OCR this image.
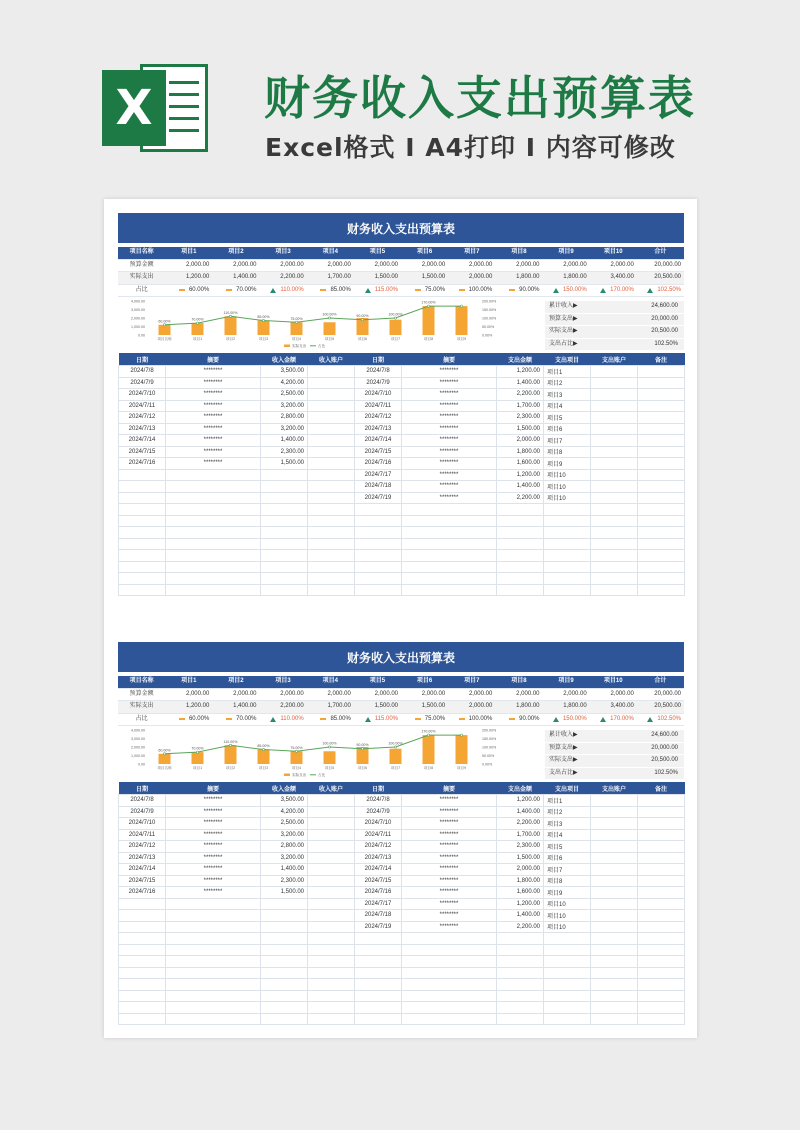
X 财务收入支出预算表
Excel格式 I A4打印 I 内容可修改
财务收入支出预算表
项目名称	项目1	项目2	项目3	项目4	项目5	项目6	项目7	项目8	项目9	项目10	合计
预算金额	2,000.00	2,000.00	2,000.00	2,000.00	2,000.00	2,000.00	2,000.00	2,000.00	2,000.00	2,000.00	20,000.00
实际支出	1,200.00	1,400.00	2,200.00	1,700.00	1,500.00	1,500.00	2,000.00	1,800.00	1,800.00	3,400.00	20,500.00
占比	60.00%	70.00%	110.00%	85.00%	115.00%	75.00%	100.00%	90.00%	150.00%	170.00%	102.50%
4,000.00
3,000.00
2,000.00
1,000.00
0.00
200.00%
150.00%
100.00%
50.00%
0.00%
项目名称	项目1	项目2	项目3	项目4	项目5	项目6	项目7	项目8	项目9
60.00%	70.00%
110.00%
85.00%	75.00%
100.00%	90.00%	100.00%
170.00%
实际支出	占比
累计收入▶	24,600.00
预算支出▶	20,000.00
实际支出▶	20,500.00
支出占比▶	102.50%
日期	摘要	收入金额	收入账户	日期	摘要	支出金额	支出项目	支出账户	备注
2024/7/8	********	3,500.00		2024/7/8	********	1,200.00	项目1		
2024/7/9	********	4,200.00		2024/7/9	********	1,400.00	项目2		
2024/7/10	********	2,500.00		2024/7/10	********	2,200.00	项目3		
2024/7/11	********	3,200.00		2024/7/11	********	1,700.00	项目4		
2024/7/12	********	2,800.00		2024/7/12	********	2,300.00	项目5		
2024/7/13	********	3,200.00		2024/7/13	********	1,500.00	项目6		
2024/7/14	********	1,400.00		2024/7/14	********	2,000.00	项目7		
2024/7/15	********	2,300.00		2024/7/15	********	1,800.00	项目8		
2024/7/16	********	1,500.00		2024/7/16	********	1,600.00	项目9		
				2024/7/17	********	1,200.00	项目10		
				2024/7/18	********	1,400.00	项目10		
				2024/7/19	********	2,200.00	项目10		

财务收入支出预算表
项目名称	项目1	项目2	项目3	项目4	项目5	项目6	项目7	项目8	项目9	项目10	合计
预算金额	2,000.00	2,000.00	2,000.00	2,000.00	2,000.00	2,000.00	2,000.00	2,000.00	2,000.00	2,000.00	20,000.00
实际支出	1,200.00	1,400.00	2,200.00	1,700.00	1,500.00	1,500.00	2,000.00	1,800.00	1,800.00	3,400.00	20,500.00
占比	60.00%	70.00%	110.00%	85.00%	115.00%	75.00%	100.00%	90.00%	150.00%	170.00%	102.50%
4,000.00
3,000.00
2,000.00
1,000.00
0.00
200.00%
150.00%
100.00%
50.00%
0.00%
项目名称	项目1	项目2	项目3	项目4	项目5	项目6	项目7	项目8	项目9
60.00%	70.00%
110.00%
85.00%	75.00%
100.00%	90.00%	100.00%
170.00%
实际支出	占比
累计收入▶	24,600.00
预算支出▶	20,000.00
实际支出▶	20,500.00
支出占比▶	102.50%
日期	摘要	收入金额	收入账户	日期	摘要	支出金额	支出项目	支出账户	备注
2024/7/8	********	3,500.00		2024/7/8	********	1,200.00	项目1		
2024/7/9	********	4,200.00		2024/7/9	********	1,400.00	项目2		
2024/7/10	********	2,500.00		2024/7/10	********	2,200.00	项目3		
2024/7/11	********	3,200.00		2024/7/11	********	1,700.00	项目4		
2024/7/12	********	2,800.00		2024/7/12	********	2,300.00	项目5		
2024/7/13	********	3,200.00		2024/7/13	********	1,500.00	项目6		
2024/7/14	********	1,400.00		2024/7/14	********	2,000.00	项目7		
2024/7/15	********	2,300.00		2024/7/15	********	1,800.00	项目8		
2024/7/16	********	1,500.00		2024/7/16	********	1,600.00	项目9		
				2024/7/17	********	1,200.00	项目10		
				2024/7/18	********	1,400.00	项目10		
				2024/7/19	********	2,200.00	项目10		
